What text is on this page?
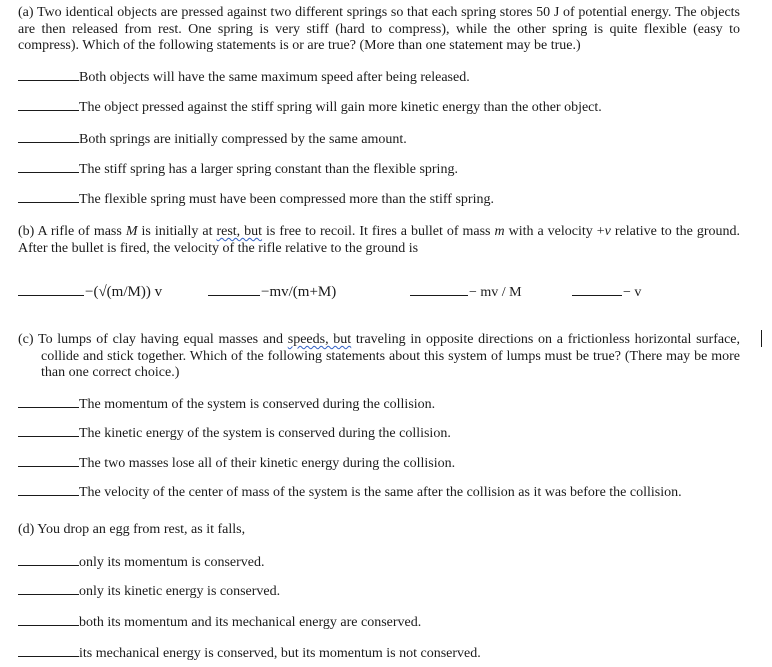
(a) Two identical objects are pressed against two different springs so that each spring stores 50 J of potential energy. The objects are then released from rest. One spring is very stiff (hard to compress), while the other spring is quite flexible (easy to compress). Which of the following statements is or are true? (More than one statement may be true.)
Both objects will have the same maximum speed after being released.
The object pressed against the stiff spring will gain more kinetic energy than the other object.
Both springs are initially compressed by the same amount.
The stiff spring has a larger spring constant than the flexible spring.
The flexible spring must have been compressed more than the stiff spring.
(b) A rifle of mass M is initially at rest, but is free to recoil. It fires a bullet of mass m with a velocity +v relative to the ground. After the bullet is fired, the velocity of the rifle relative to the ground is
−(√(m/M)) v	−mv/(m+M)	− mv / M	− v
(c) To lumps of clay having equal masses and speeds, but traveling in opposite directions on a frictionless horizontal surface, collide and stick together. Which of the following statements about this system of lumps must be true? (There may be more than one correct choice.)
The momentum of the system is conserved during the collision.
The kinetic energy of the system is conserved during the collision.
The two masses lose all of their kinetic energy during the collision.
The velocity of the center of mass of the system is the same after the collision as it was before the collision.
(d) You drop an egg from rest, as it falls,
only its momentum is conserved.
only its kinetic energy is conserved.
both its momentum and its mechanical energy are conserved.
its mechanical energy is conserved, but its momentum is not conserved.
